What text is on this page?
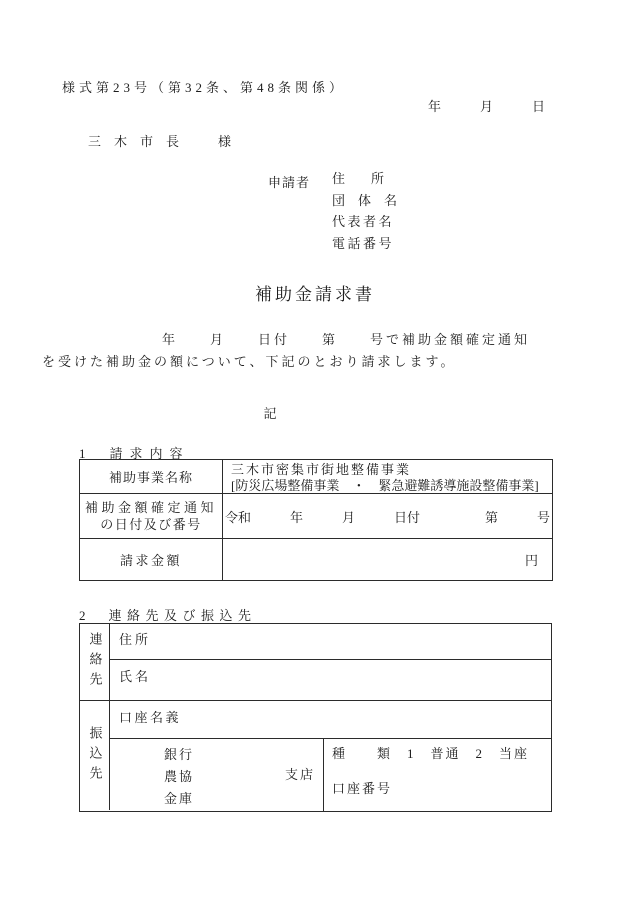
様式第23号（第32条、第48条関係）
年　　　月　　　日
三　木　市　長　　　様
申請者 住　　所
団　体　名
代表者名
電話番号
補助金請求書
年　　月　　日付　　第　　号で補助金額確定通知
を受けた補助金の額について、下記のとおり請求します。
記
1 請求内容
補助事業名称
三木市密集市街地整備事業
[防災広場整備事業　・　緊急避難誘導施設整備事業]
補助金額確定通知
の日付及び番号 令和　　　年　　　月　　　日付　　　　　第　　　号
請求金額	円
2 連絡先及び振込先
連絡先
振込先
住所
氏名
口座名義
銀行
農協
金庫
支店
種　　類　1　普通　2　当座
口座番号
